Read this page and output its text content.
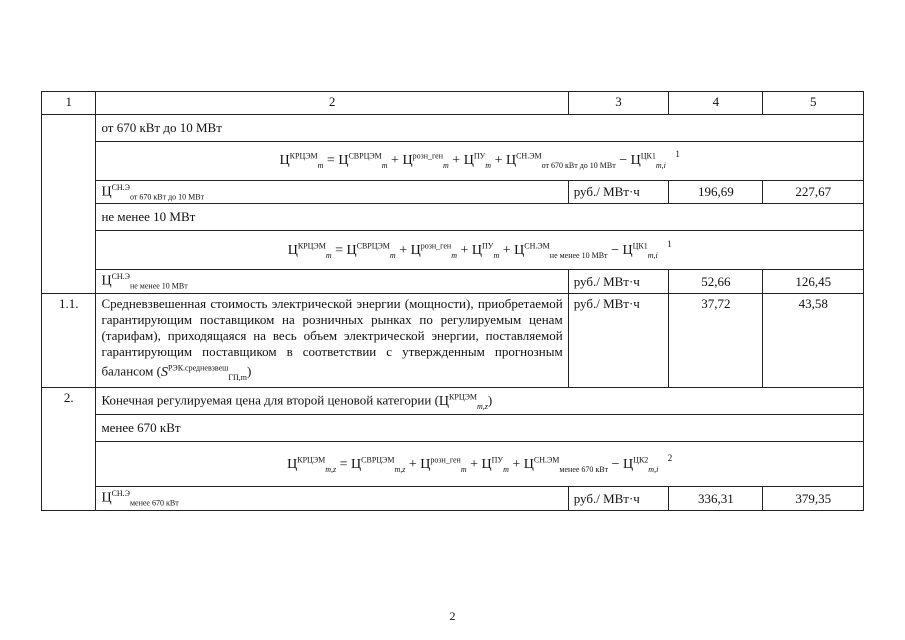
1	2	3	4	5
	от 670 кВт до 10 МВт			
	$Ц^{КРЦЭМ}_m = Ц^{СВРЦЭМ}_m + Ц^{розн\_ген}_m + Ц^{ПУ}_m + Ц^{СН.ЭМ}_{от 670 кВт до 10 МВт} - Ц^{ЦК1}_{m,i}$ $^1$
	$Ц^{СН.Э}_{от 670 кВт до 10 МВт}$	руб./ МВт·ч	196,69	227,67
	не менее 10 МВт			
	$Ц^{КРЦЭМ}_m = Ц^{СВРЦЭМ}_m + Ц^{розн\_ген}_m + Ц^{ПУ}_m + Ц^{СН.ЭМ}_{не менее 10 МВт} - Ц^{ЦК1}_{m,i}$ $^1$
	$Ц^{СН.Э}_{не менее 10 МВт}$	руб./ МВт·ч	52,66	126,45
1.1.	Средневзвешенная стоимость электрической энергии (мощности), приобретаемой гарантирующим поставщиком на розничных рынках по регулируемым ценам (тарифам), приходящаяся на весь объем электрической энергии, поставляемой гарантирующим поставщиком в соответствии с утвержденным прогнозным балансом $(S^{РЭК.средневзвеш}_{ГП,m})$	руб./ МВт·ч	37,72	43,58
2.	Конечная регулируемая цена для второй ценовой категории $(Ц^{КРЦЭМ}_{m,z})$			
	менее 670 кВт			
	$Ц^{КРЦЭМ}_{m,z} = Ц^{СВРЦЭМ}_{m,z} + Ц^{розн\_ген}_m + Ц^{ПУ}_m + Ц^{СН.ЭМ}_{менее 670 кВт} - Ц^{ЦК2}_{m,i}$ $^2$
	$Ц^{СН.Э}_{менее 670 кВт}$	руб./ МВт·ч	336,31	379,35
2
